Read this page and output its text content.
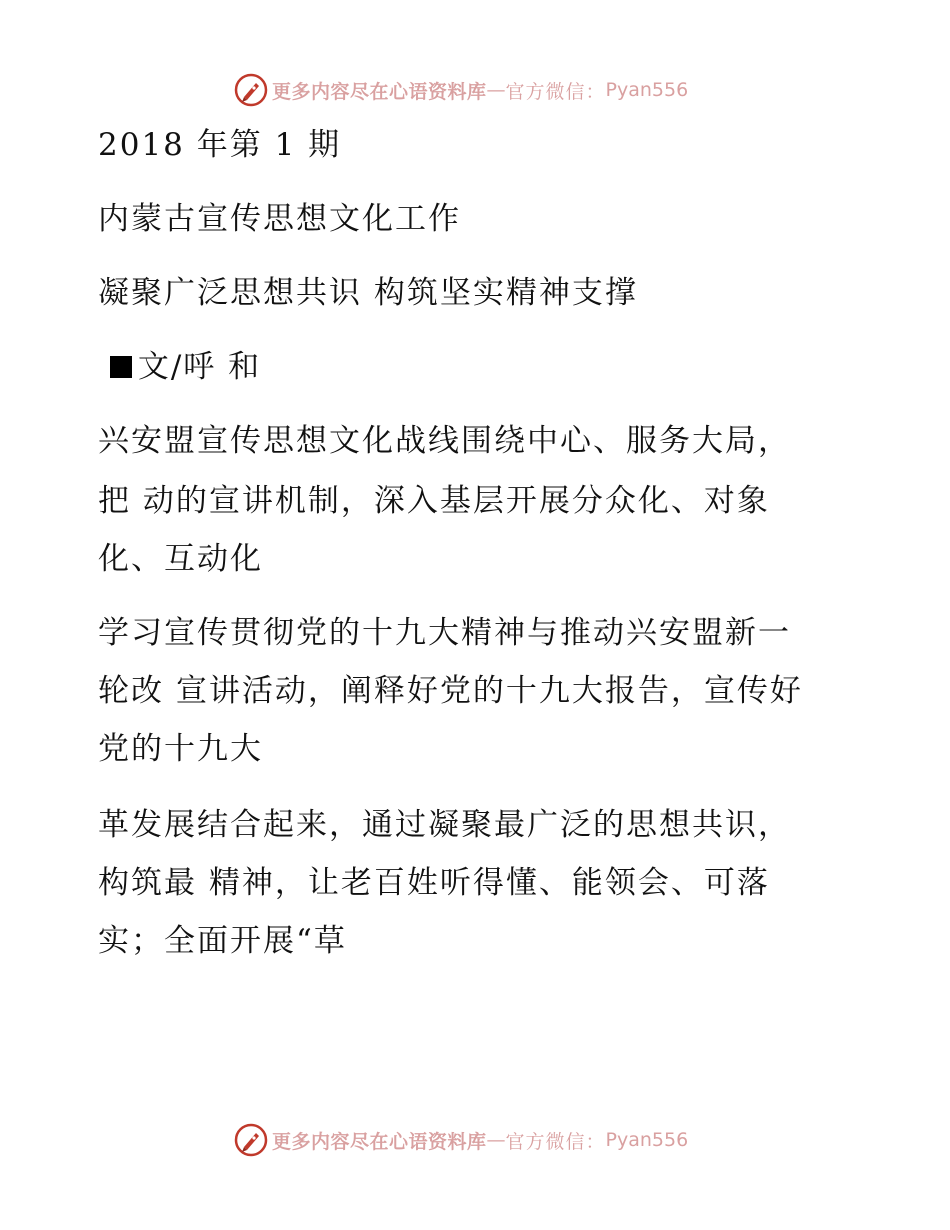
更多内容尽在心语资料库 — 官方微信： Pyan556
2018 年第 1 期
内蒙古宣传思想文化工作
凝聚广泛思想共识 构筑坚实精神支撑
文/呼 和
兴安盟宣传思想文化战线围绕中心、服务大局，
把 动的宣讲机制，深入基层开展分众化、对象
化、互动化
学习宣传贯彻党的十九大精神与推动兴安盟新一
轮改 宣讲活动，阐释好党的十九大报告，宣传好
党的十九大
革发展结合起来，通过凝聚最广泛的思想共识，
构筑最 精神，让老百姓听得懂、能领会、可落
实；全面开展“草
更多内容尽在心语资料库 — 官方微信： Pyan556
